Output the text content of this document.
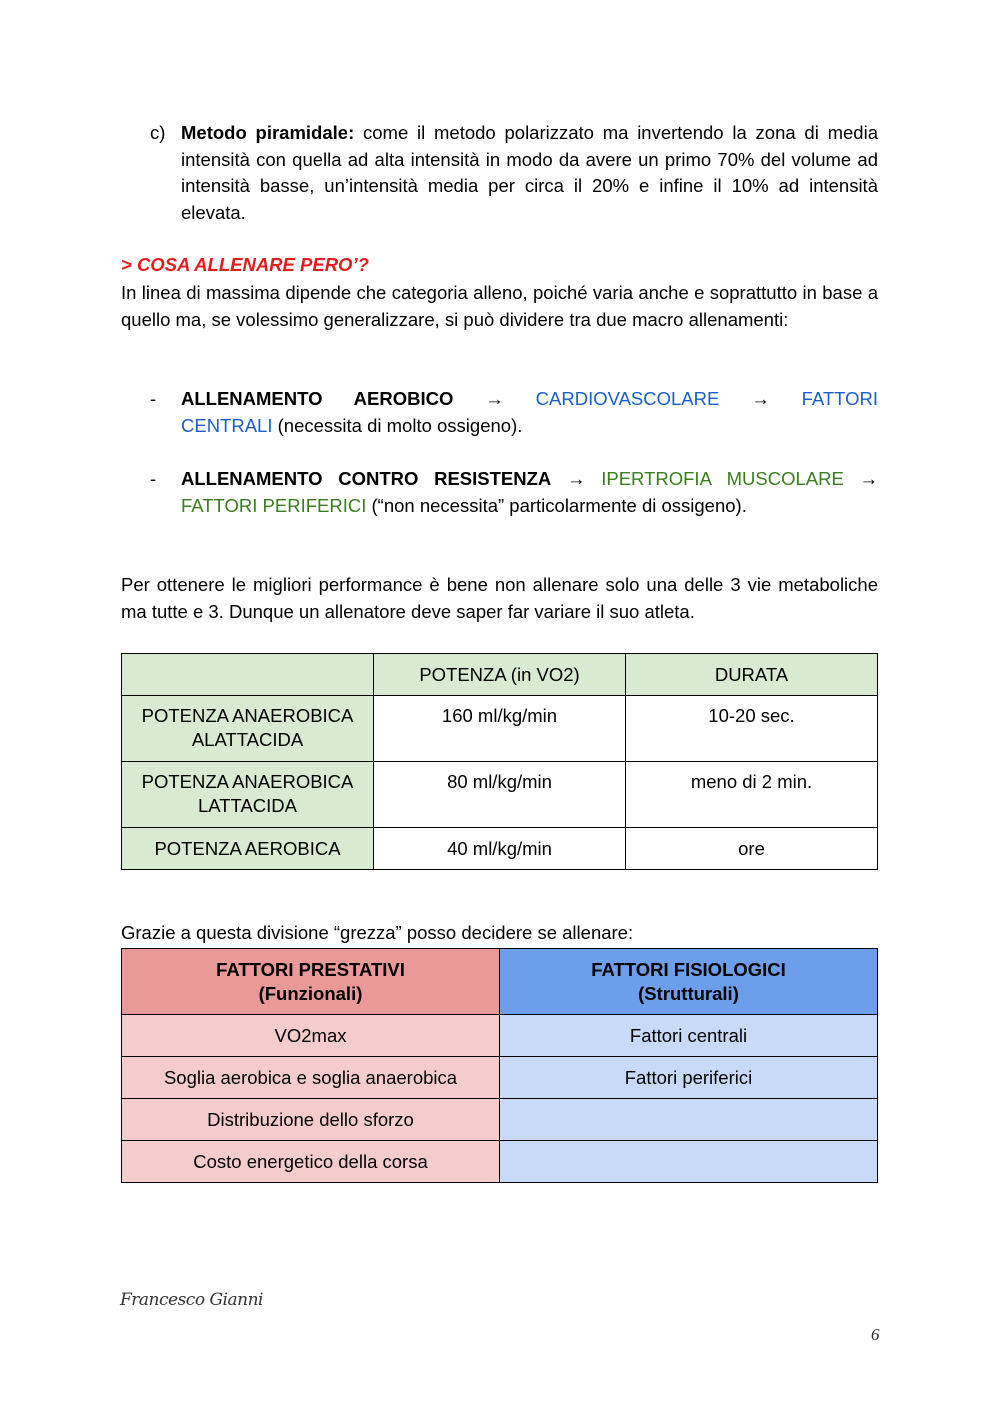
c) Metodo piramidale: come il metodo polarizzato ma invertendo la zona di media intensità con quella ad alta intensità in modo da avere un primo 70% del volume ad intensità basse, un’intensità media per circa il 20% e infine il 10% ad intensità elevata.
> COSA ALLENARE PERO’?
In linea di massima dipende che categoria alleno, poiché varia anche e soprattutto in base a quello ma, se volessimo generalizzare, si può dividere tra due macro allenamenti:
- ALLENAMENTO AEROBICO → CARDIOVASCOLARE → FATTORI
CENTRALI (necessita di molto ossigeno).
- ALLENAMENTO CONTRO RESISTENZA → IPERTROFIA MUSCOLARE → FATTORI PERIFERICI (“non necessita” particolarmente di ossigeno).
Per ottenere le migliori performance è bene non allenare solo una delle 3 vie metaboliche ma tutte e 3. Dunque un allenatore deve saper far variare il suo atleta.
	POTENZA (in VO2)	DURATA
POTENZA ANAEROBICA
ALATTACIDA	160 ml/kg/min	10-20 sec.
POTENZA ANAEROBICA
LATTACIDA	80 ml/kg/min	meno di 2 min.
POTENZA AEROBICA	40 ml/kg/min	ore
Grazie a questa divisione “grezza” posso decidere se allenare:
FATTORI PRESTATIVI
(Funzionali)	FATTORI FISIOLOGICI
(Strutturali)
VO2max	Fattori centrali
Soglia aerobica e soglia anaerobica	Fattori periferici
Distribuzione dello sforzo	
Costo energetico della corsa	
Francesco Gianni
6
